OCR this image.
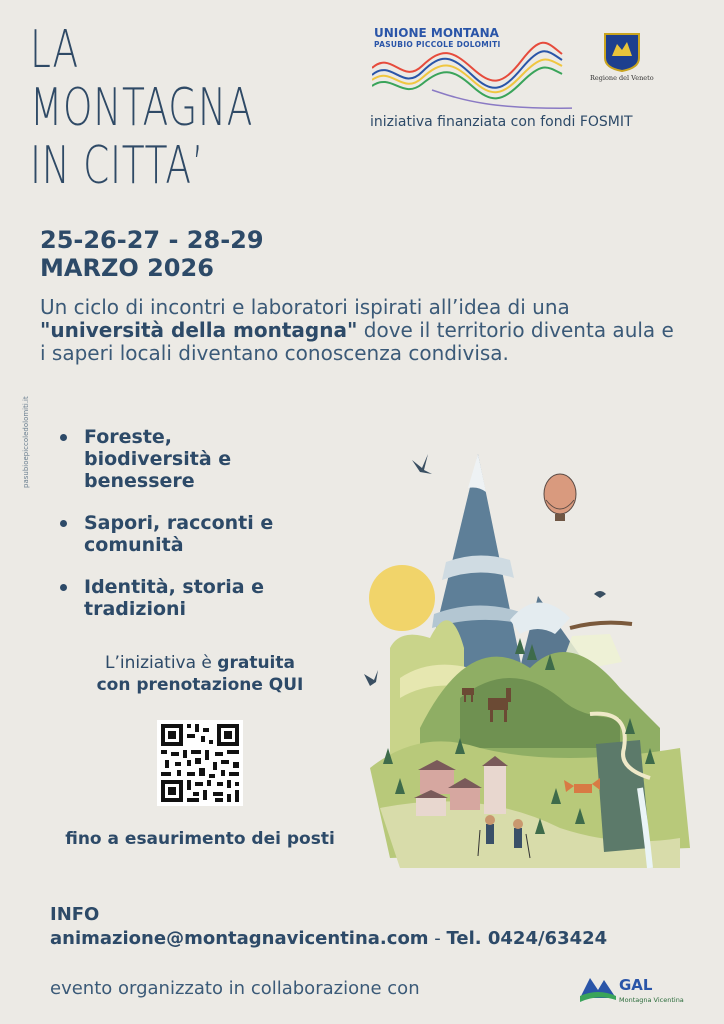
LA
MONTAGNA
IN CITTA’
UNIONE MONTANA
PASUBIO PICCOLE DOLOMITI
Regione del Veneto
iniziativa finanziata con fondi FOSMIT
25-26-27 - 28-29
MARZO 2026
Un ciclo di incontri e laboratori ispirati all’idea di una "università della montagna" dove il territorio diventa aula e i saperi locali diventano conoscenza condivisa.
Foreste, biodiversità e benessere
Sapori, racconti e comunità
Identità, storia e tradizioni
L’iniziativa è gratuita
con prenotazione QUI
fino a esaurimento dei posti
INFO
animazione@montagnavicentina.com - Tel. 0424/63424
evento organizzato in collaborazione con	GAL
Montagna Vicentina
pasubioepiccoledolomiti.it
